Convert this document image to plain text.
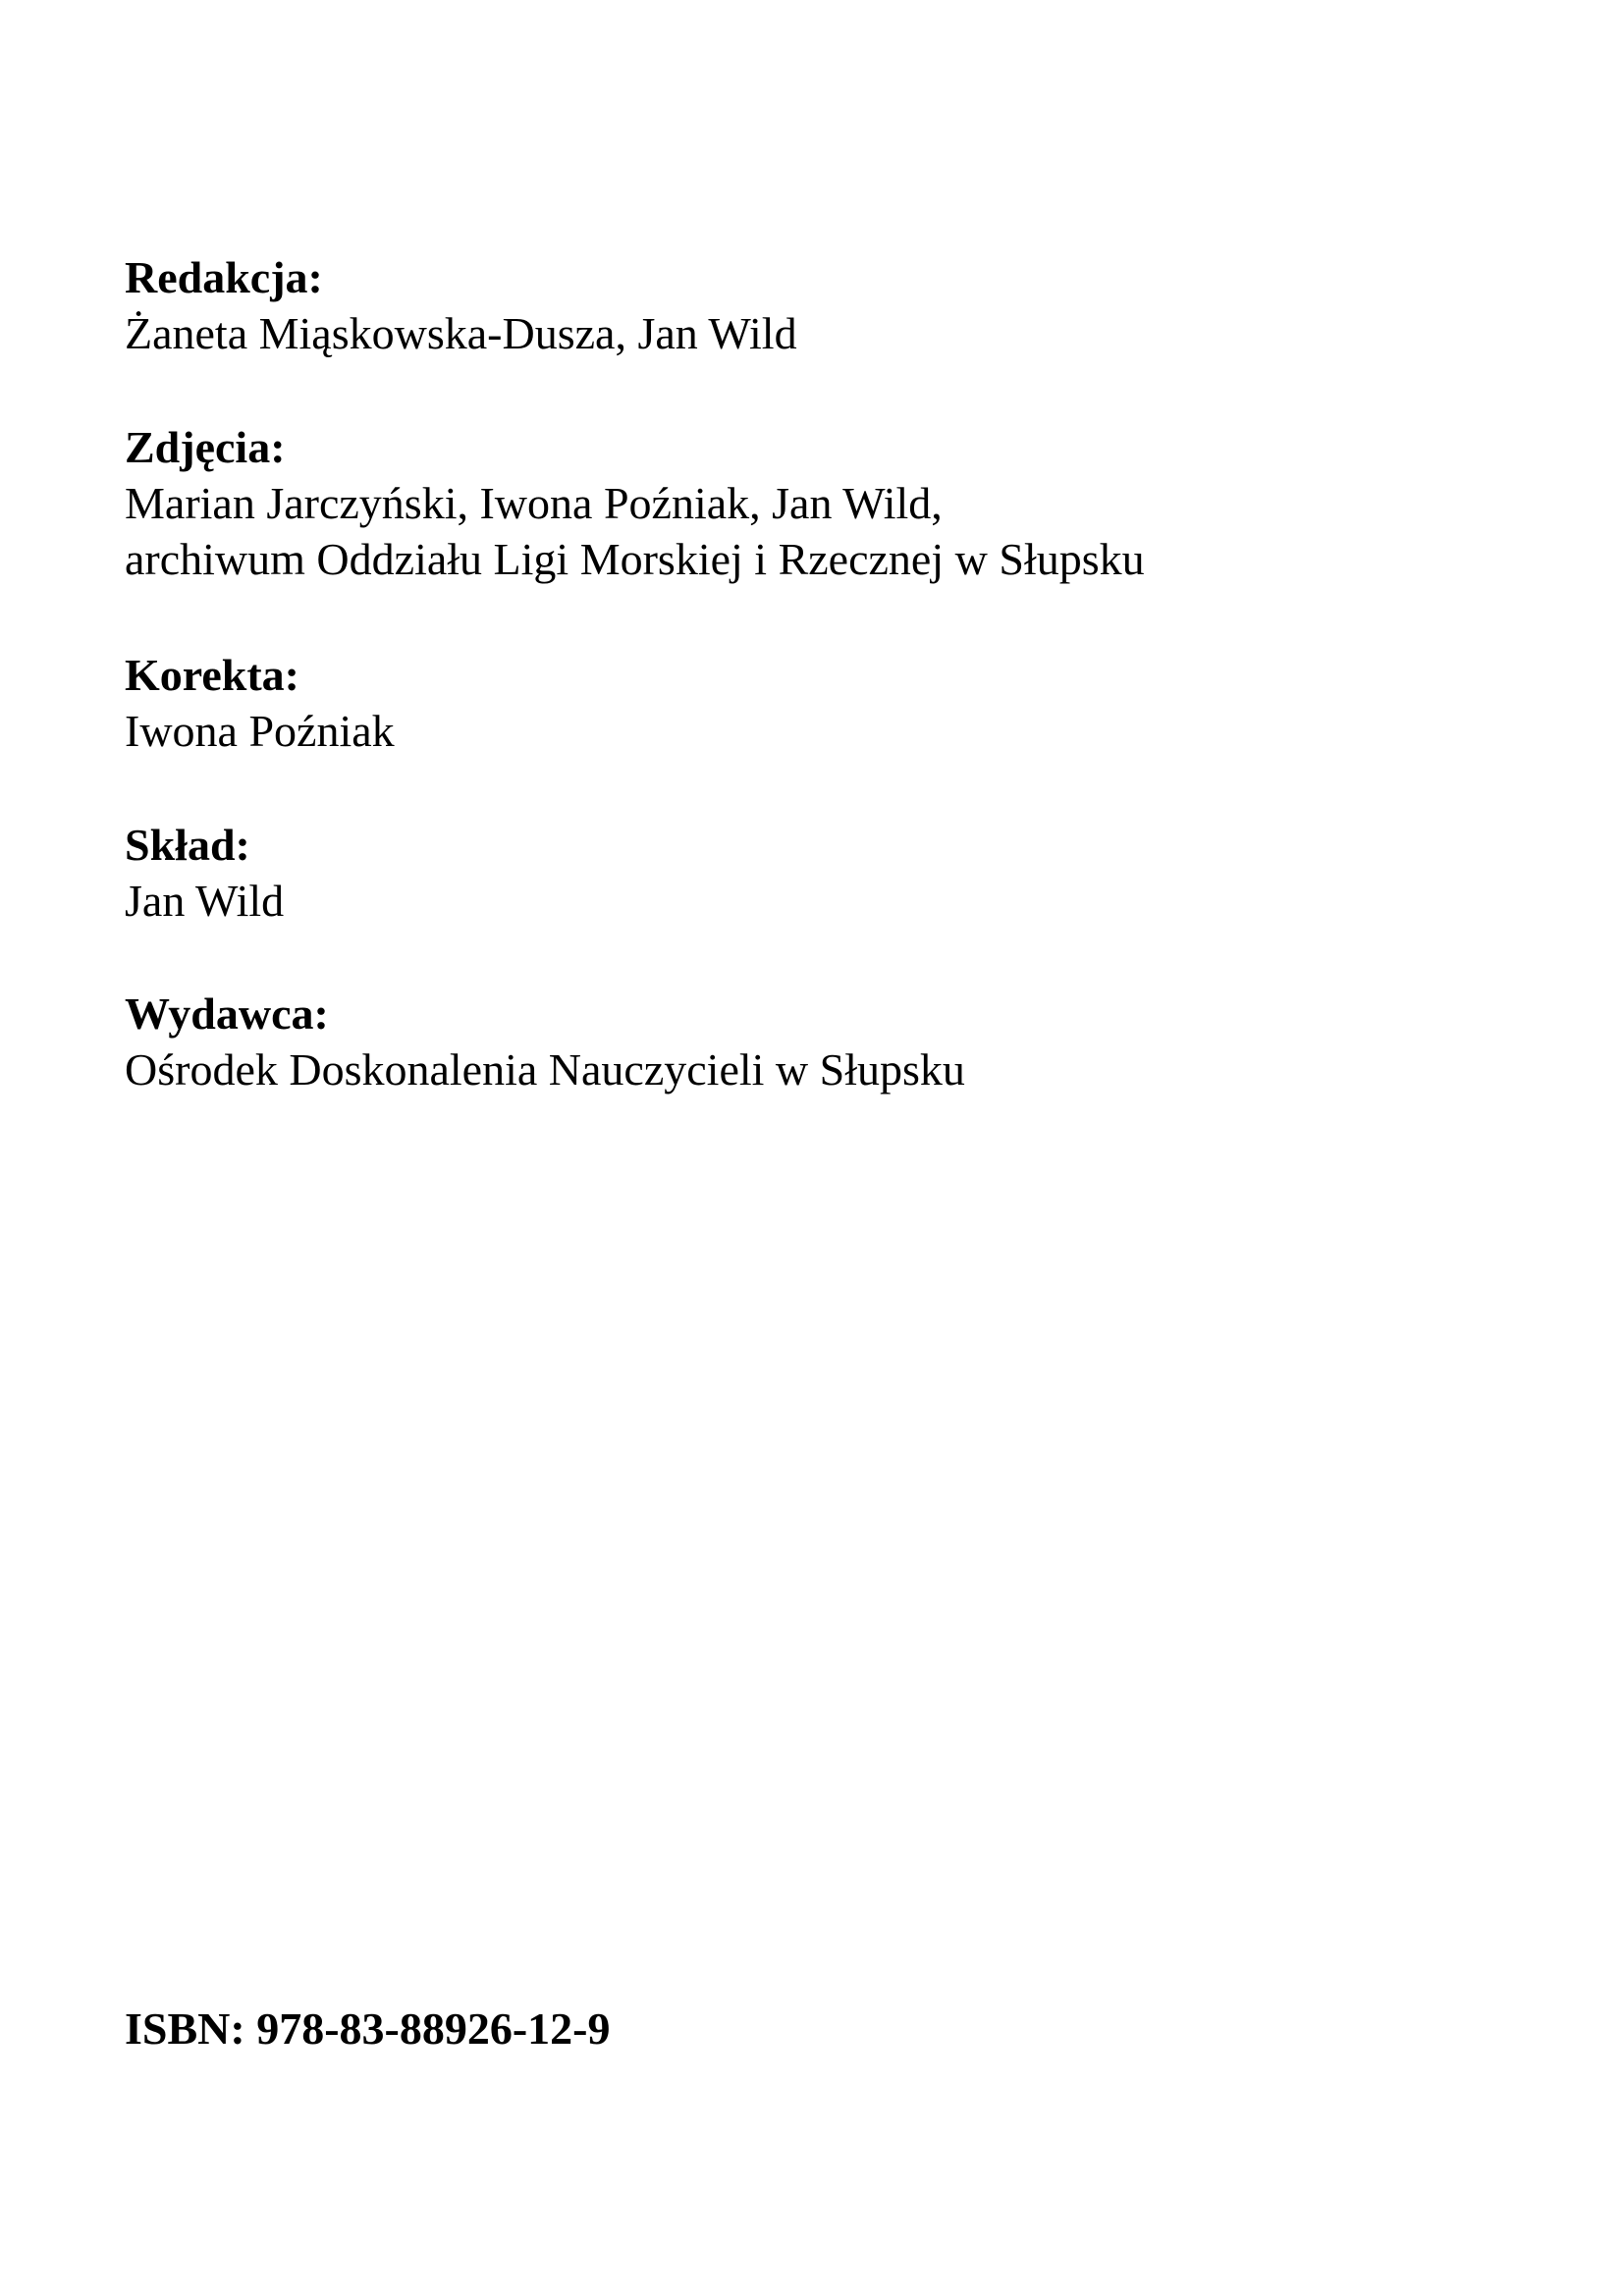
Redakcja:
Żaneta Miąskowska-Dusza, Jan Wild
Zdjęcia:
Marian Jarczyński, Iwona Poźniak, Jan Wild,
archiwum Oddziału Ligi Morskiej i Rzecznej w Słupsku
Korekta:
Iwona Poźniak
Skład:
Jan Wild
Wydawca:
Ośrodek Doskonalenia Nauczycieli w Słupsku
ISBN: 978-83-88926-12-9
